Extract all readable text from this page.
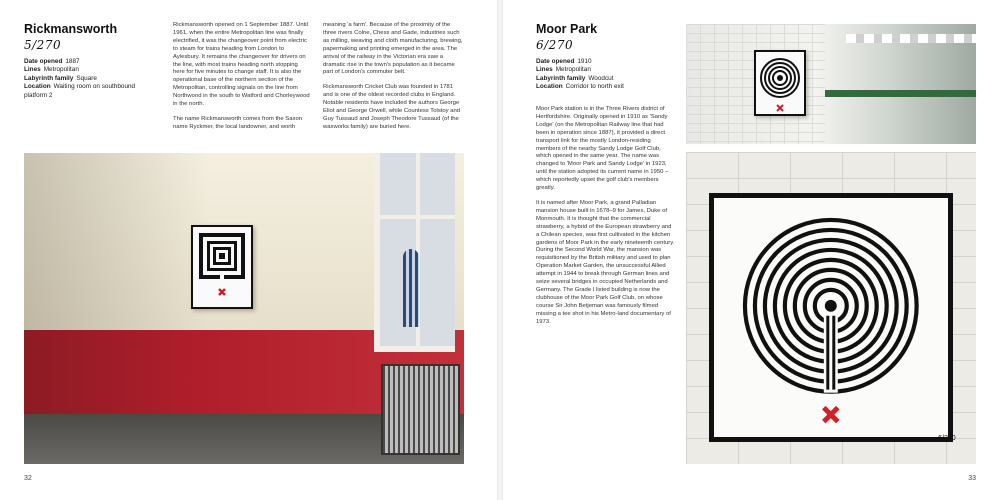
Rickmansworth
5/270
Date opened 1887
Lines Metropolitan
Labyrinth family Square
Location Waiting room on southbound platform 2

Rickmansworth opened on 1 September 1887. Until 1961, when the entire Metropolitan line was finally electrified, it was the changeover point from electric to steam for trains heading from London to Aylesbury. It remains the changeover for drivers on the line, with most trains heading north stopping here for five minutes to change staff. It is also the operational base of the northern section of the Metropolitan, controlling signals on the line from Northwood in the south to Watford and Chorleywood in the north.

The name Rickmansworth comes from the Saxon name Ryckmer, the local landowner, and worth

meaning 'a farm'. Because of the proximity of the three rivers Colne, Chess and Gade, industries such as milling, weaving and cloth manufacturing, brewing, papermaking and printing emerged in the area. The arrival of the railway in the Victorian era saw a dramatic rise in the town's population as it became part of London's commuter belt.

Rickmansworth Cricket Club was founded in 1781 and is one of the oldest recorded clubs in England. Notable residents have included the authors George Eliot and George Orwell, while Countess Tolstoy and Guy Tussaud and Joseph Theodore Tussaud (of the waxworks family) are buried here.

32
Moor Park
6/270
Date opened 1910
Lines Metropolitan
Labyrinth family Woodcut
Location Corridor to north exit

Moor Park station is in the Three Rivers district of Hertfordshire. Originally opened in 1910 as 'Sandy Lodge' (on the Metropolitan Railway line that had been in operation since 1887), it provided a direct transport link for the mostly London-residing members of the nearby Sandy Lodge Golf Club, which opened in the same year. The name was changed to 'Moor Park and Sandy Lodge' in 1923, until the station adopted its current name in 1950 – which reportedly upset the golf club's members greatly.

It is named after Moor Park, a grand Palladian mansion house built in 1678–9 for James, Duke of Monmouth. It is thought that the commercial strawberry, a hybrid of the European strawberry and a Chilean species, was first cultivated in the kitchen gardens of Moor Park in the early nineteenth century. During the Second World War, the mansion was requisitioned by the British military and used to plan Operation Market Garden, the unsuccessful Allied attempt in 1944 to break through German lines and seize several bridges in occupied Netherlands and Germany. The Grade I listed building is now the clubhouse of the Moor Park Golf Club, on whose course Sir John Betjeman was famously filmed missing a tee shot in his Metro-land documentary of 1973.

6/270
33
